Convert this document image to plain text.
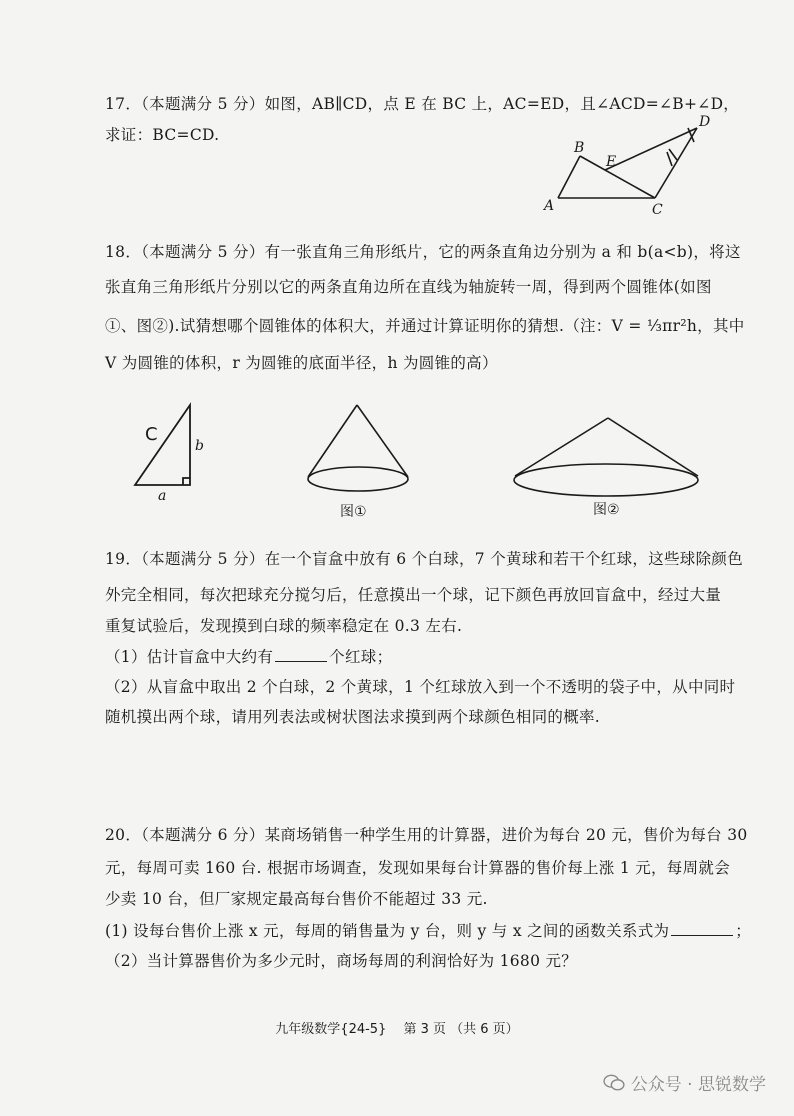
17．（本题满分 5 分）如图，AB∥CD，点 E 在 BC 上，AC=ED，且∠ACD=∠B+∠D，
求证：BC=CD.
A
B
C
D
E
18．（本题满分 5 分）有一张直角三角形纸片，它的两条直角边分别为 a 和 b(a<b)，将这
张直角三角形纸片分别以它的两条直角边所在直线为轴旋转一周，得到两个圆锥体(如图
①、图②).试猜想哪个圆锥体的体积大，并通过计算证明你的猜想.（注：V = ⅓πr²h，其中
V 为圆锥的体积，r 为圆锥的底面半径，h 为圆锥的高）
C
b
a
图①	图②
19．（本题满分 5 分）在一个盲盒中放有 6 个白球，7 个黄球和若干个红球，这些球除颜色
外完全相同，每次把球充分搅匀后，任意摸出一个球，记下颜色再放回盲盒中，经过大量
重复试验后，发现摸到白球的频率稳定在 0.3 左右.
（1）估计盲盒中大约有	个红球；
（2）从盲盒中取出 2 个白球，2 个黄球，1 个红球放入到一个不透明的袋子中，从中同时
随机摸出两个球，请用列表法或树状图法求摸到两个球颜色相同的概率.
20．（本题满分 6 分）某商场销售一种学生用的计算器，进价为每台 20 元，售价为每台 30
元，每周可卖 160 台. 根据市场调查，发现如果每台计算器的售价每上涨 1 元，每周就会
少卖 10 台，但厂家规定最高每台售价不能超过 33 元.
(1) 设每台售价上涨 x 元，每周的销售量为 y 台，则 y 与 x 之间的函数关系式为	；
（2）当计算器售价为多少元时，商场每周的利润恰好为 1680 元？
九年级数学{24-5}　 第 3 页 （共 6 页）
公众号 · 思锐数学
